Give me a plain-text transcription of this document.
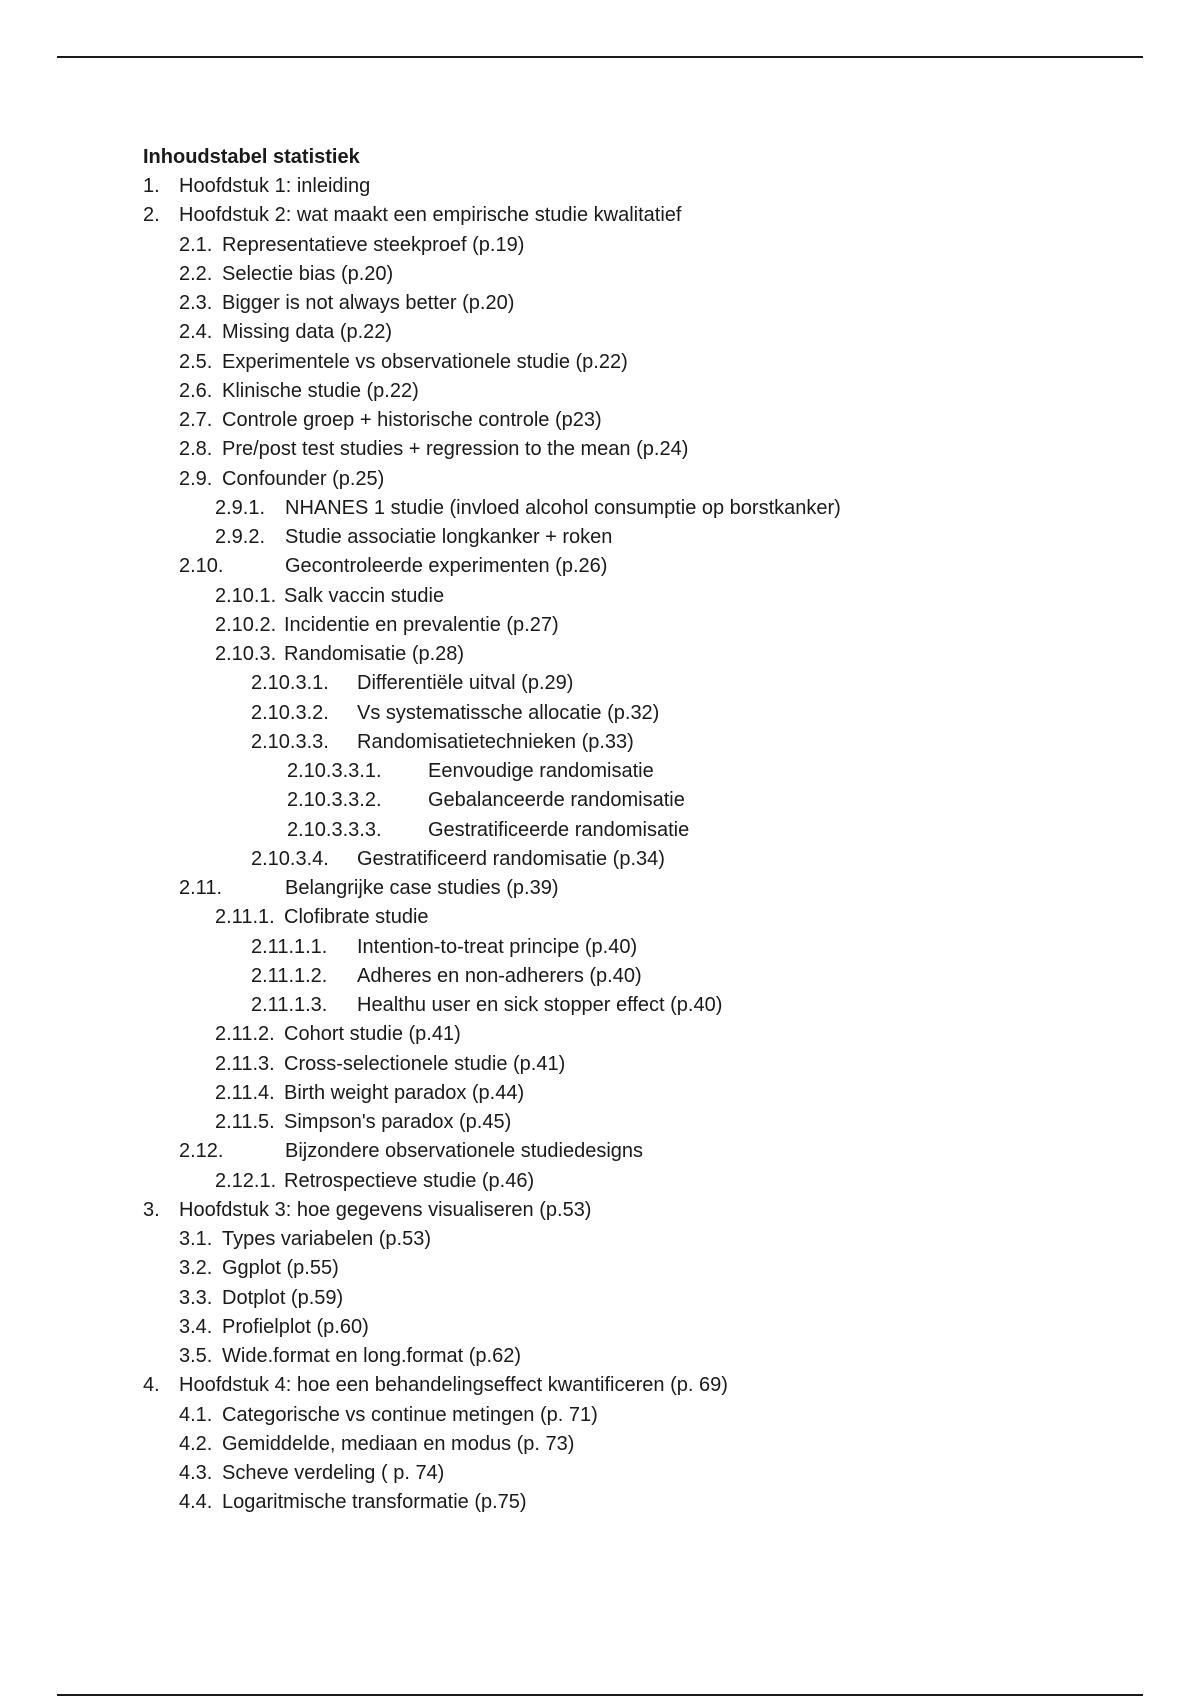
Inhoudstabel statistiek
1. Hoofdstuk 1: inleiding
2. Hoofdstuk 2: wat maakt een empirische studie kwalitatief
2.1. Representatieve steekproef (p.19)
2.2. Selectie bias (p.20)
2.3. Bigger is not always better (p.20)
2.4. Missing data (p.22)
2.5. Experimentele vs observationele studie (p.22)
2.6. Klinische studie (p.22)
2.7. Controle groep + historische controle (p23)
2.8. Pre/post test studies + regression to the mean (p.24)
2.9. Confounder (p.25)
2.9.1. NHANES 1 studie (invloed alcohol consumptie op borstkanker)
2.9.2. Studie associatie longkanker + roken
2.10.	Gecontroleerde experimenten (p.26)
2.10.1. Salk vaccin studie
2.10.2. Incidentie en prevalentie (p.27)
2.10.3. Randomisatie (p.28)
2.10.3.1. Differentiële uitval (p.29)
2.10.3.2. Vs systematissche allocatie (p.32)
2.10.3.3. Randomisatietechnieken (p.33)
2.10.3.3.1. Eenvoudige randomisatie
2.10.3.3.2. Gebalanceerde randomisatie
2.10.3.3.3. Gestratificeerde randomisatie
2.10.3.4. Gestratificeerd randomisatie (p.34)
2.11.	Belangrijke case studies (p.39)
2.11.1. Clofibrate studie
2.11.1.1. Intention-to-treat principe (p.40)
2.11.1.2. Adheres en non-adherers (p.40)
2.11.1.3. Healthu user en sick stopper effect (p.40)
2.11.2. Cohort studie (p.41)
2.11.3. Cross-selectionele studie (p.41)
2.11.4. Birth weight paradox (p.44)
2.11.5. Simpson's paradox (p.45)
2.12.	Bijzondere observationele studiedesigns
2.12.1. Retrospectieve studie (p.46)
3. Hoofdstuk 3: hoe gegevens visualiseren (p.53)
3.1. Types variabelen (p.53)
3.2. Ggplot (p.55)
3.3. Dotplot (p.59)
3.4. Profielplot (p.60)
3.5. Wide.format en long.format (p.62)
4. Hoofdstuk 4: hoe een behandelingseffect kwantificeren (p. 69)
4.1. Categorische vs continue metingen (p. 71)
4.2. Gemiddelde, mediaan en modus (p. 73)
4.3. Scheve verdeling ( p. 74)
4.4. Logaritmische transformatie (p.75)
